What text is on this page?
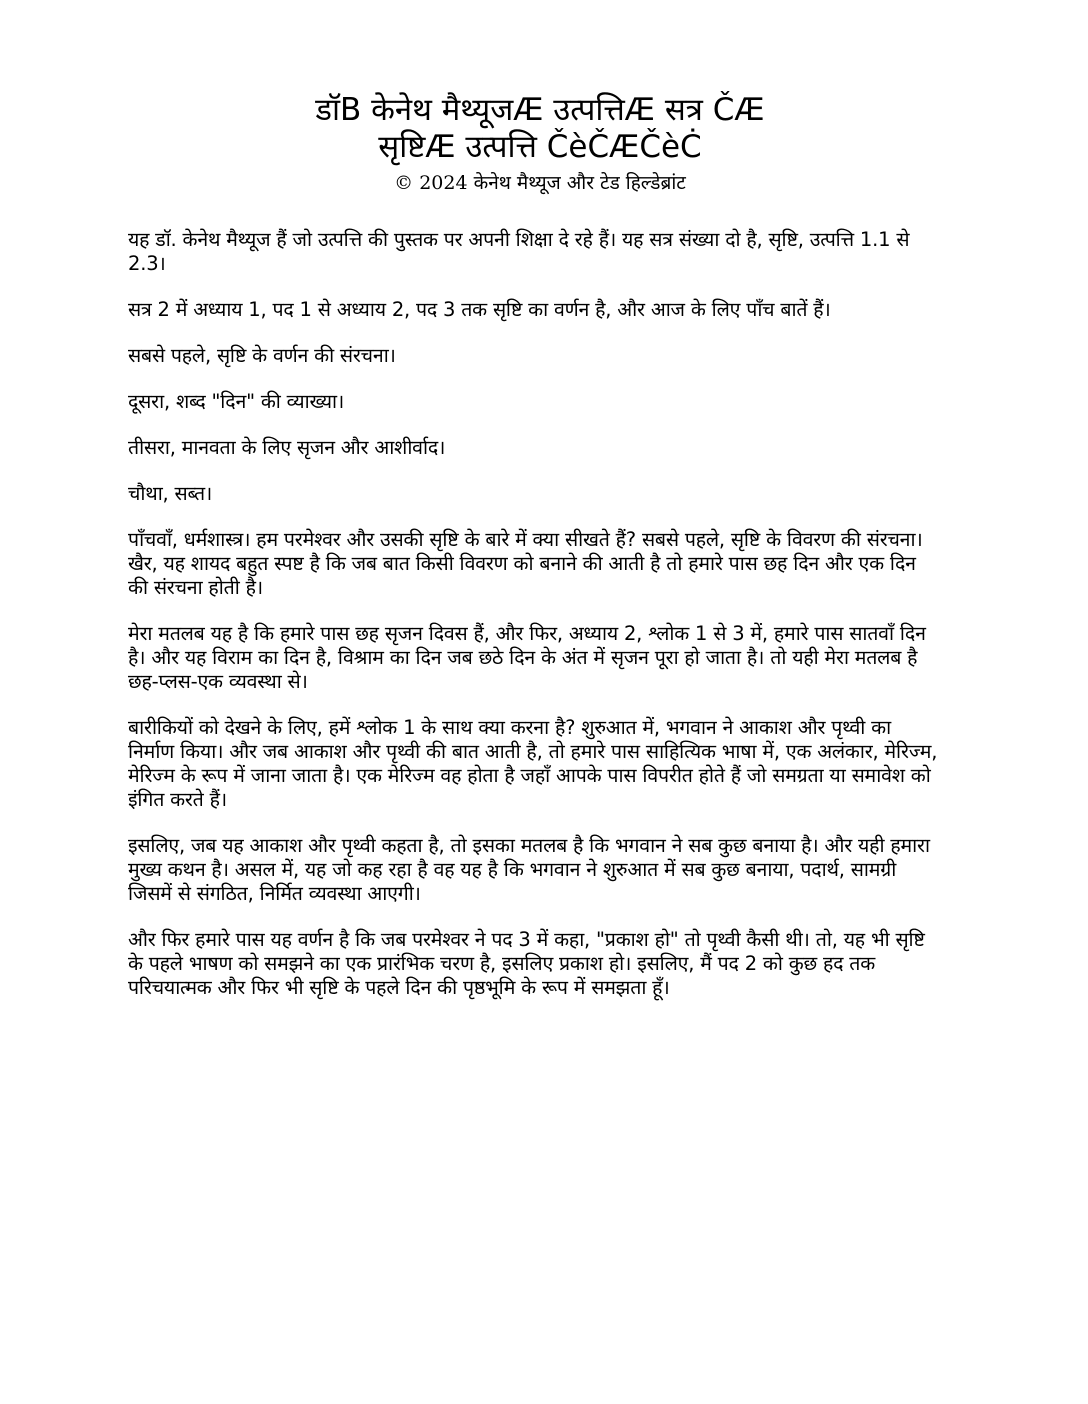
डॉB केनेथ मैथ्यूजÆ उत्पत्तिÆ सत्र ČÆ
सृष्टिÆ उत्पत्ति ČèČÆČèĊ
© 2024 केनेथ मैथ्यूज और टेड हिल्डेब्रांट

यह डॉ. केनेथ मैथ्यूज हैं जो उत्पत्ति की पुस्तक पर अपनी शिक्षा दे रहे हैं। यह सत्र संख्या दो है, सृष्टि, उत्पत्ति 1.1 से 2.3।

सत्र 2 में अध्याय 1, पद 1 से अध्याय 2, पद 3 तक सृष्टि का वर्णन है, और आज के लिए पाँच बातें हैं।

सबसे पहले, सृष्टि के वर्णन की संरचना।

दूसरा, शब्द "दिन" की व्याख्या।

तीसरा, मानवता के लिए सृजन और आशीर्वाद।

चौथा, सब्त।

पाँचवाँ, धर्मशास्त्र। हम परमेश्वर और उसकी सृष्टि के बारे में क्या सीखते हैं? सबसे पहले, सृष्टि के विवरण की संरचना। खैर, यह शायद बहुत स्पष्ट है कि जब बात किसी विवरण को बनाने की आती है तो हमारे पास छह दिन और एक दिन की संरचना होती है।

मेरा मतलब यह है कि हमारे पास छह सृजन दिवस हैं, और फिर, अध्याय 2, श्लोक 1 से 3 में, हमारे पास सातवाँ दिन है। और यह विराम का दिन है, विश्राम का दिन जब छठे दिन के अंत में सृजन पूरा हो जाता है। तो यही मेरा मतलब है छह-प्लस-एक व्यवस्था से।

बारीकियों को देखने के लिए, हमें श्लोक 1 के साथ क्या करना है? शुरुआत में, भगवान ने आकाश और पृथ्वी का निर्माण किया। और जब आकाश और पृथ्वी की बात आती है, तो हमारे पास साहित्यिक भाषा में, एक अलंकार, मेरिज्म, मेरिज्म के रूप में जाना जाता है। एक मेरिज्म वह होता है जहाँ आपके पास विपरीत होते हैं जो समग्रता या समावेश को इंगित करते हैं।

इसलिए, जब यह आकाश और पृथ्वी कहता है, तो इसका मतलब है कि भगवान ने सब कुछ बनाया है। और यही हमारा मुख्य कथन है। असल में, यह जो कह रहा है वह यह है कि भगवान ने शुरुआत में सब कुछ बनाया, पदार्थ, सामग्री जिसमें से संगठित, निर्मित व्यवस्था आएगी।

और फिर हमारे पास यह वर्णन है कि जब परमेश्वर ने पद 3 में कहा, "प्रकाश हो" तो पृथ्वी कैसी थी। तो, यह भी सृष्टि के पहले भाषण को समझने का एक प्रारंभिक चरण है, इसलिए प्रकाश हो। इसलिए, मैं पद 2 को कुछ हद तक परिचयात्मक और फिर भी सृष्टि के पहले दिन की पृष्ठभूमि के रूप में समझता हूँ।
